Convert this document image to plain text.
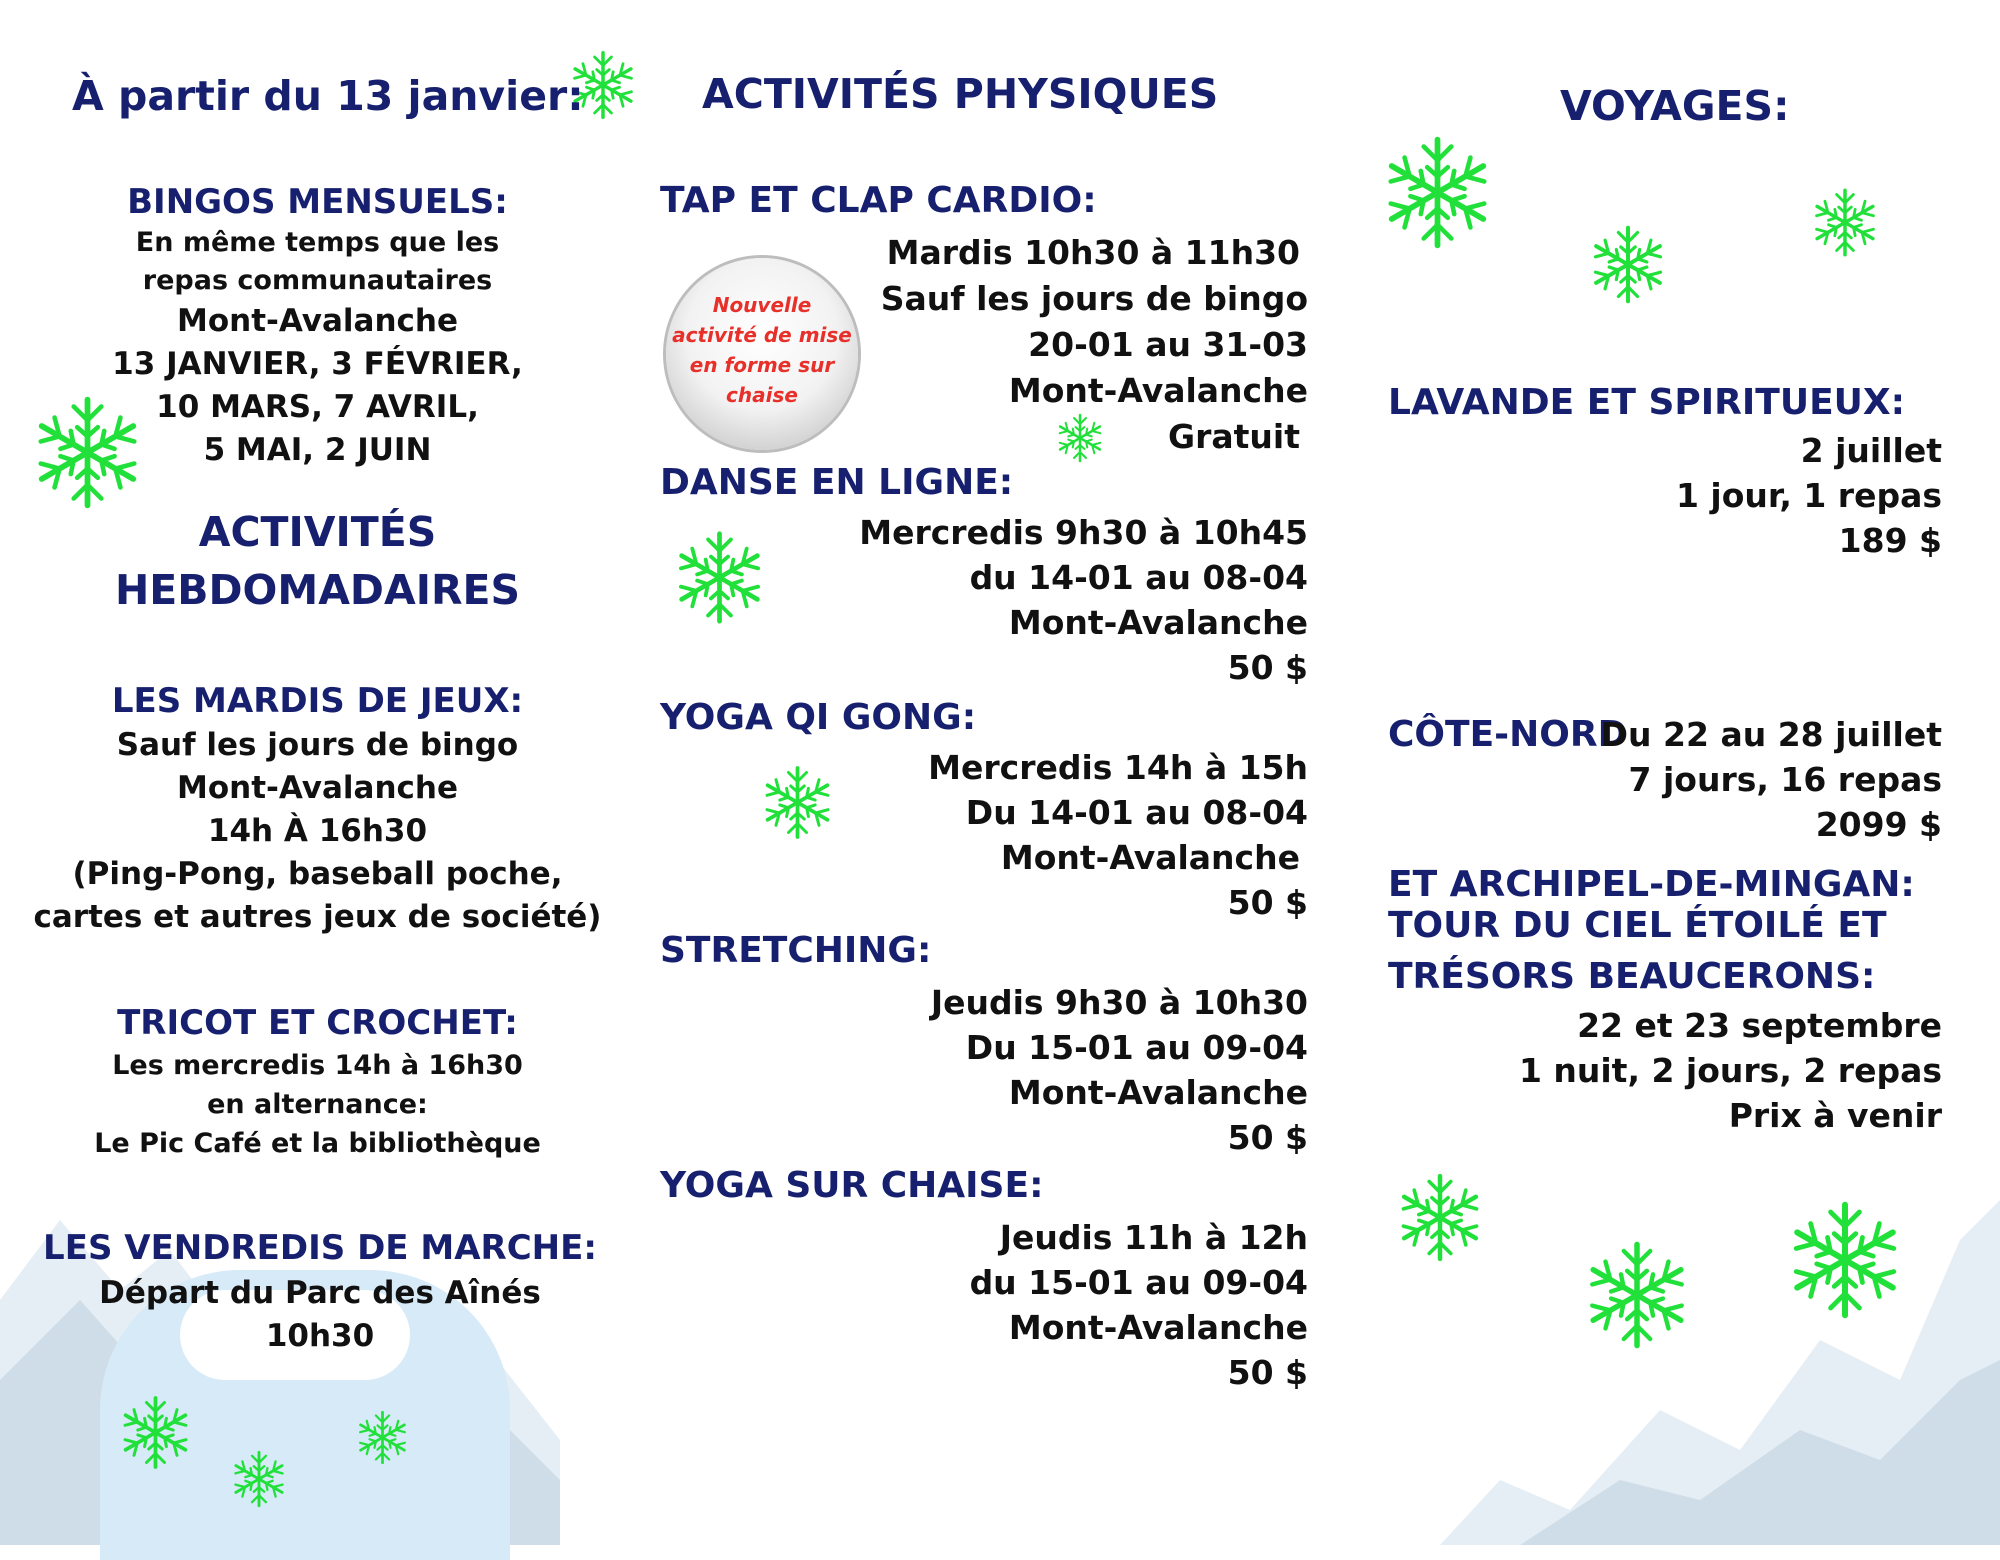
À partir du 13 janvier:
BINGOS MENSUELS:
En même temps que les
repas communautaires
Mont-Avalanche
13 JANVIER, 3 FÉVRIER,
10 MARS, 7 AVRIL,
5 MAI, 2 JUIN
ACTIVITÉS
HEBDOMADAIRES
LES MARDIS DE JEUX:
Sauf les jours de bingo
Mont-Avalanche
14h À 16h30
(Ping-Pong, baseball poche,
cartes et autres jeux de société)
TRICOT ET CROCHET:
Les mercredis 14h à 16h30
en alternance:
Le Pic Café et la bibliothèque
LES VENDREDIS DE MARCHE:
Départ du Parc des Aînés
10h30
ACTIVITÉS PHYSIQUES
Nouvelle
activité de mise
en forme sur
chaise
TAP ET CLAP CARDIO:
Mardis 10h30 à 11h30
Sauf les jours de bingo
20-01 au 31-03
Mont-Avalanche
Gratuit
DANSE EN LIGNE:
Mercredis 9h30 à 10h45
du 14-01 au 08-04
Mont-Avalanche
50 $
YOGA QI GONG:
Mercredis 14h à 15h
Du 14-01 au 08-04
Mont-Avalanche
50 $
STRETCHING:
Jeudis 9h30 à 10h30
Du 15-01 au 09-04
Mont-Avalanche
50 $
YOGA SUR CHAISE:
Jeudis 11h à 12h
du 15-01 au 09-04
Mont-Avalanche
50 $
VOYAGES:
LAVANDE ET SPIRITUEUX:
2 juillet
1 jour, 1 repas
189 $

CÔTE-NORD

ET ARCHIPEL-DE-MINGAN:

Du 22 au 28 juillet
7 jours, 16 repas
2099 $
TOUR DU CIEL ÉTOILÉ ET
TRÉSORS BEAUCERONS:
22 et 23 septembre
1 nuit, 2 jours, 2 repas
Prix à venir
